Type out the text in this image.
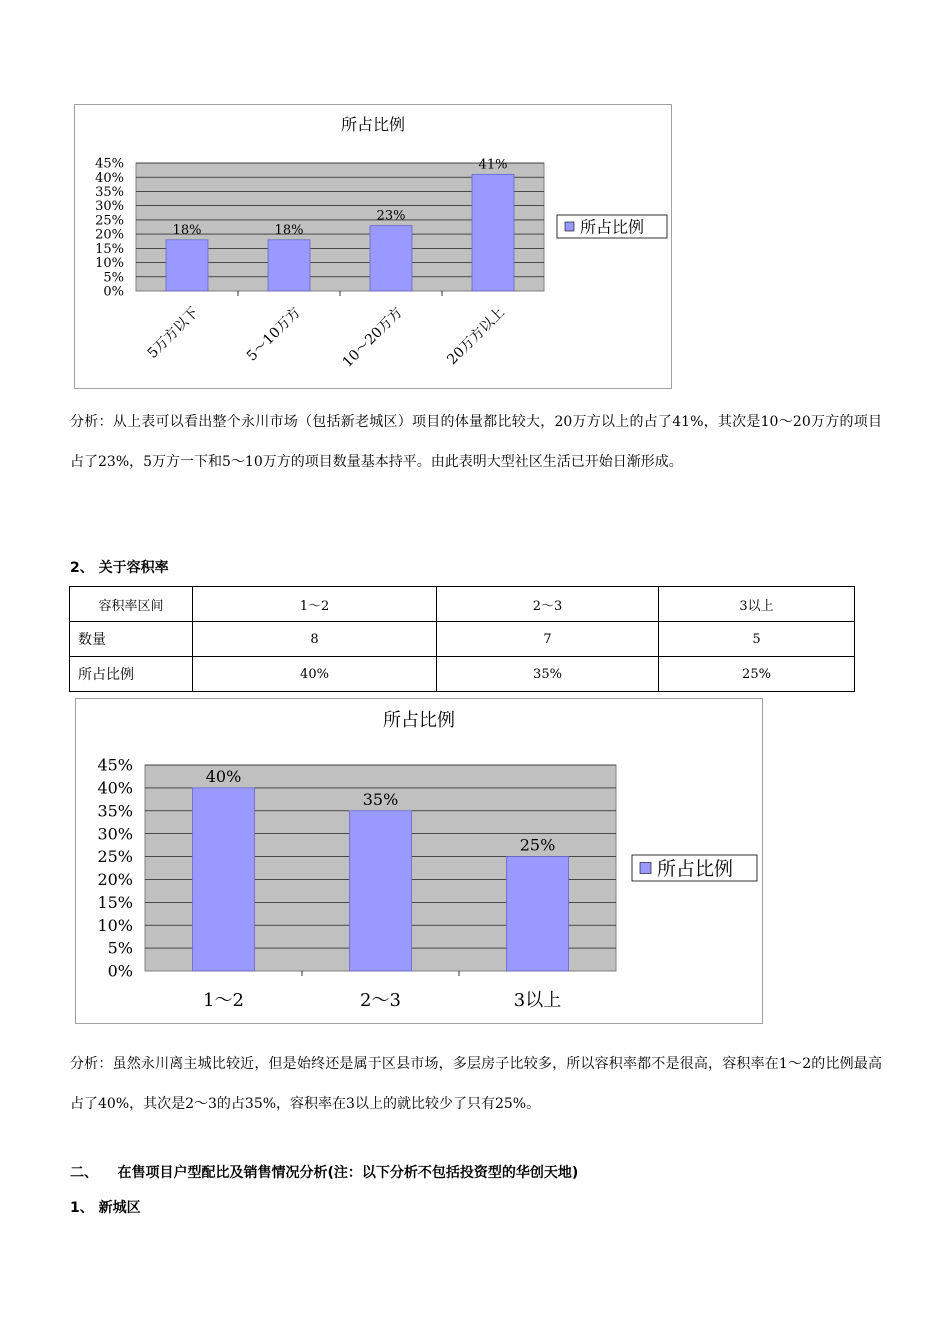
所占比例
0%
5%
10%
15%
20%
25%
30%
35%
40%
45%
18%
5万方以下
18%
5～10万方
23%
10～20万方
41%
20万方以上
所占比例
分析：从上表可以看出整个永川市场（包括新老城区）项目的体量都比较大，20万方以上的占了41%，其次是10～20万方的项目占了23%，5万方一下和5～10万方的项目数量基本持平。由此表明大型社区生活已开始日渐形成。
2、 关于容积率
容积率区间	1～2	2～3	3以上
数量	8	7	5
所占比例	40%	35%	25%
所占比例
0%
5%
10%
15%
20%
25%
30%
35%
40%
45%
40%
1～2
35%
2～3
25%
3以上
所占比例
分析：虽然永川离主城比较近，但是始终还是属于区县市场，多层房子比较多，所以容积率都不是很高，容积率在1～2的比例最高占了40%，其次是2～3的占35%，容积率在3以上的就比较少了只有25%。
二、    在售项目户型配比及销售情况分析(注：以下分析不包括投资型的华创天地)
1、 新城区
